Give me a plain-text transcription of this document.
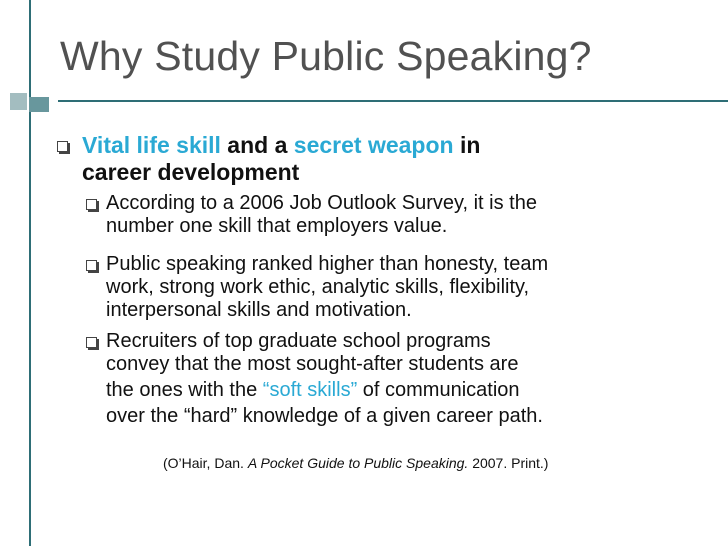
Why Study Public Speaking?
Vital life skill and a secret weapon in
career development
According to a 2006 Job Outlook Survey, it is the
number one skill that employers value.
Public speaking ranked higher than honesty, team
work, strong work ethic, analytic skills, flexibility,
interpersonal skills and motivation.
Recruiters of top graduate school programs
convey that the most sought-after students are
the ones with the “soft skills” of communication
over the “hard” knowledge of a given career path.
(O’Hair, Dan. A Pocket Guide to Public Speaking. 2007. Print.)
